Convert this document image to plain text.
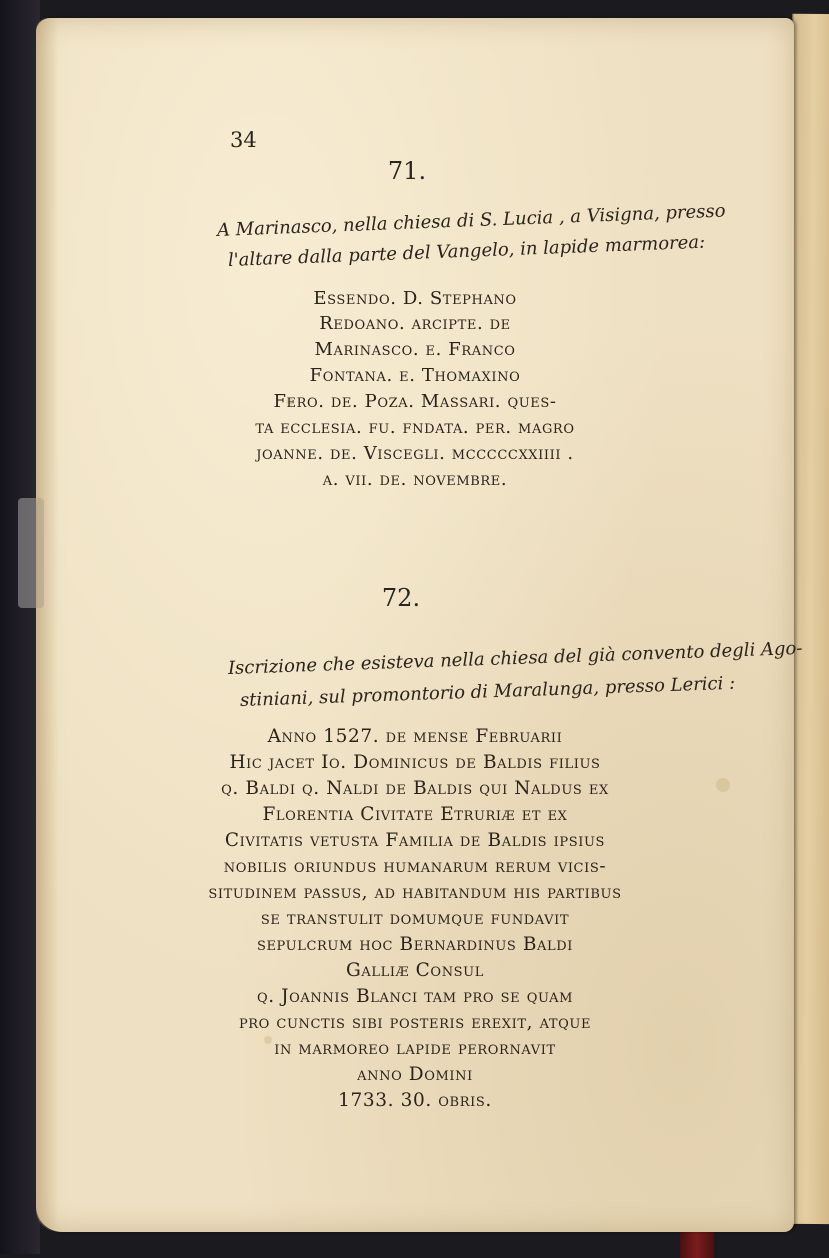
34
71.
A Marinasco, nella chiesa di S. Lucia , a Visigna, presso
l'altare dalla parte del Vangelo, in lapide marmorea:
Essendo. D. Stephano
Redoano. arcipte. de
Marinasco. e. Franco
Fontana. e. Thomaxino
Fero. de. Poza. Massari. ques-
ta ecclesia. fu. fndata. per. magro
joanne. de. Viscegli. mcccccxxiiii .
a. vii. de. novembre.
72.
Iscrizione che esisteva nella chiesa del già convento degli Ago-
stiniani, sul promontorio di Maralunga, presso Lerici :
Anno 1527. de mense Februarii
Hic jacet Io. Dominicus de Baldis filius
q. Baldi q. Naldi de Baldis qui Naldus ex
Florentia Civitate Etruriæ et ex
Civitatis vetusta Familia de Baldis ipsius
nobilis oriundus humanarum rerum vicis-
situdinem passus, ad habitandum his partibus
se transtulit domumque fundavit
sepulcrum hoc Bernardinus Baldi
Galliæ Consul
q. Joannis Blanci tam pro se quam
pro cunctis sibi posteris erexit, atque
in marmoreo lapide perornavit
anno Domini
1733. 30. obris.
